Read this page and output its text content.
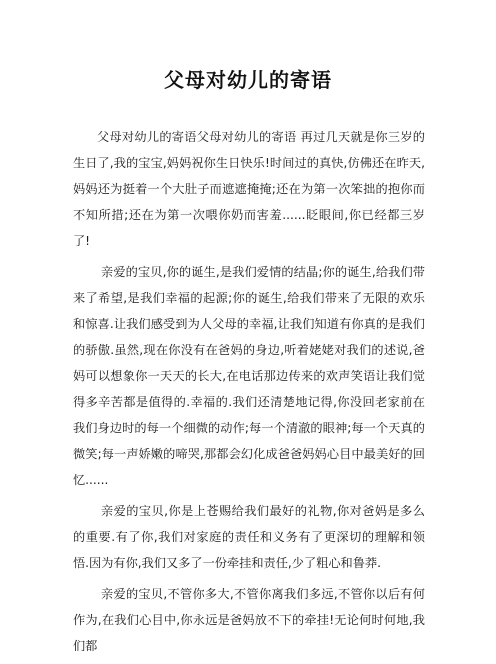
父母对幼儿的寄语

父母对幼儿的寄语父母对幼儿的寄语 再过几天就是你三岁的生日了,我的宝宝,妈妈祝你生日快乐!时间过的真快,仿佛还在昨天,妈妈还为挺着一个大肚子而遮遮掩掩;还在为第一次笨拙的抱你而不知所措;还在为第一次喂你奶而害羞......眨眼间,你已经都三岁了!

亲爱的宝贝,你的诞生,是我们爱情的结晶;你的诞生,给我们带来了希望,是我们幸福的起源;你的诞生,给我们带来了无限的欢乐和惊喜.让我们感受到为人父母的幸福,让我们知道有你真的是我们的骄傲.虽然,现在你没有在爸妈的身边,听着姥姥对我们的述说,爸妈可以想象你一天天的长大,在电话那边传来的欢声笑语让我们觉得多辛苦都是值得的.幸福的.我们还清楚地记得,你没回老家前在我们身边时的每一个细微的动作;每一个清澈的眼神;每一个天真的微笑;每一声娇嫩的啼哭,那都会幻化成爸爸妈妈心目中最美好的回忆......

亲爱的宝贝,你是上苍赐给我们最好的礼物,你对爸妈是多么的重要.有了你,我们对家庭的责任和义务有了更深切的理解和领悟.因为有你,我们又多了一份牵挂和责任,少了粗心和鲁莽.

亲爱的宝贝,不管你多大,不管你离我们多远,不管你以后有何作为,在我们心目中,你永远是爸妈放不下的牵挂!无论何时何地,我们都
